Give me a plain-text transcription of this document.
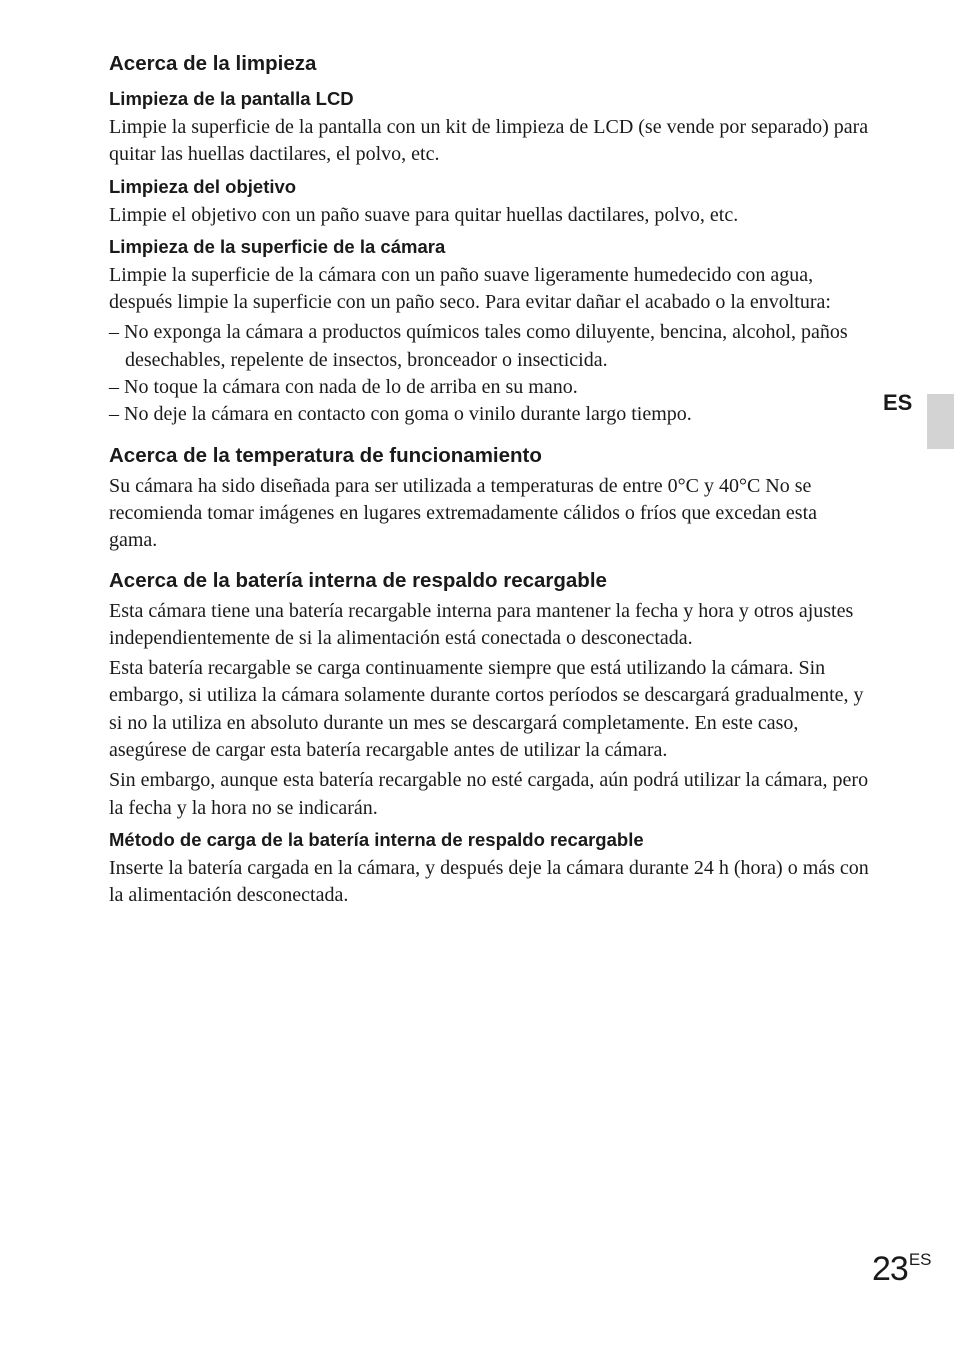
Acerca de la limpieza
Limpieza de la pantalla LCD

Limpie la superficie de la pantalla con un kit de limpieza de LCD (se vende por separado) para quitar las huellas dactilares, el polvo, etc.

Limpieza del objetivo

Limpie el objetivo con un paño suave para quitar huellas dactilares, polvo, etc.

Limpieza de la superficie de la cámara

Limpie la superficie de la cámara con un paño suave ligeramente humedecido con agua, después limpie la superficie con un paño seco. Para evitar dañar el acabado o la envoltura:

– No exponga la cámara a productos químicos tales como diluyente, bencina, alcohol, paños desechables, repelente de insectos, bronceador o insecticida.
– No toque la cámara con nada de lo de arriba en su mano.
– No deje la cámara en contacto con goma o vinilo durante largo tiempo.
Acerca de la temperatura de funcionamiento

Su cámara ha sido diseñada para ser utilizada a temperaturas de entre 0°C y 40°C No se recomienda tomar imágenes en lugares extremadamente cálidos o fríos que excedan esta gama.

Acerca de la batería interna de respaldo recargable

Esta cámara tiene una batería recargable interna para mantener la fecha y hora y otros ajustes independientemente de si la alimentación está conectada o desconectada.

Esta batería recargable se carga continuamente siempre que está utilizando la cámara. Sin embargo, si utiliza la cámara solamente durante cortos períodos se descargará gradualmente, y si no la utiliza en absoluto durante un mes se descargará completamente. En este caso, asegúrese de cargar esta batería recargable antes de utilizar la cámara.

Sin embargo, aunque esta batería recargable no esté cargada, aún podrá utilizar la cámara, pero la fecha y la hora no se indicarán.

Método de carga de la batería interna de respaldo recargable

Inserte la batería cargada en la cámara, y después deje la cámara durante 24 h (hora) o más con la alimentación desconectada.

ES
23ES
